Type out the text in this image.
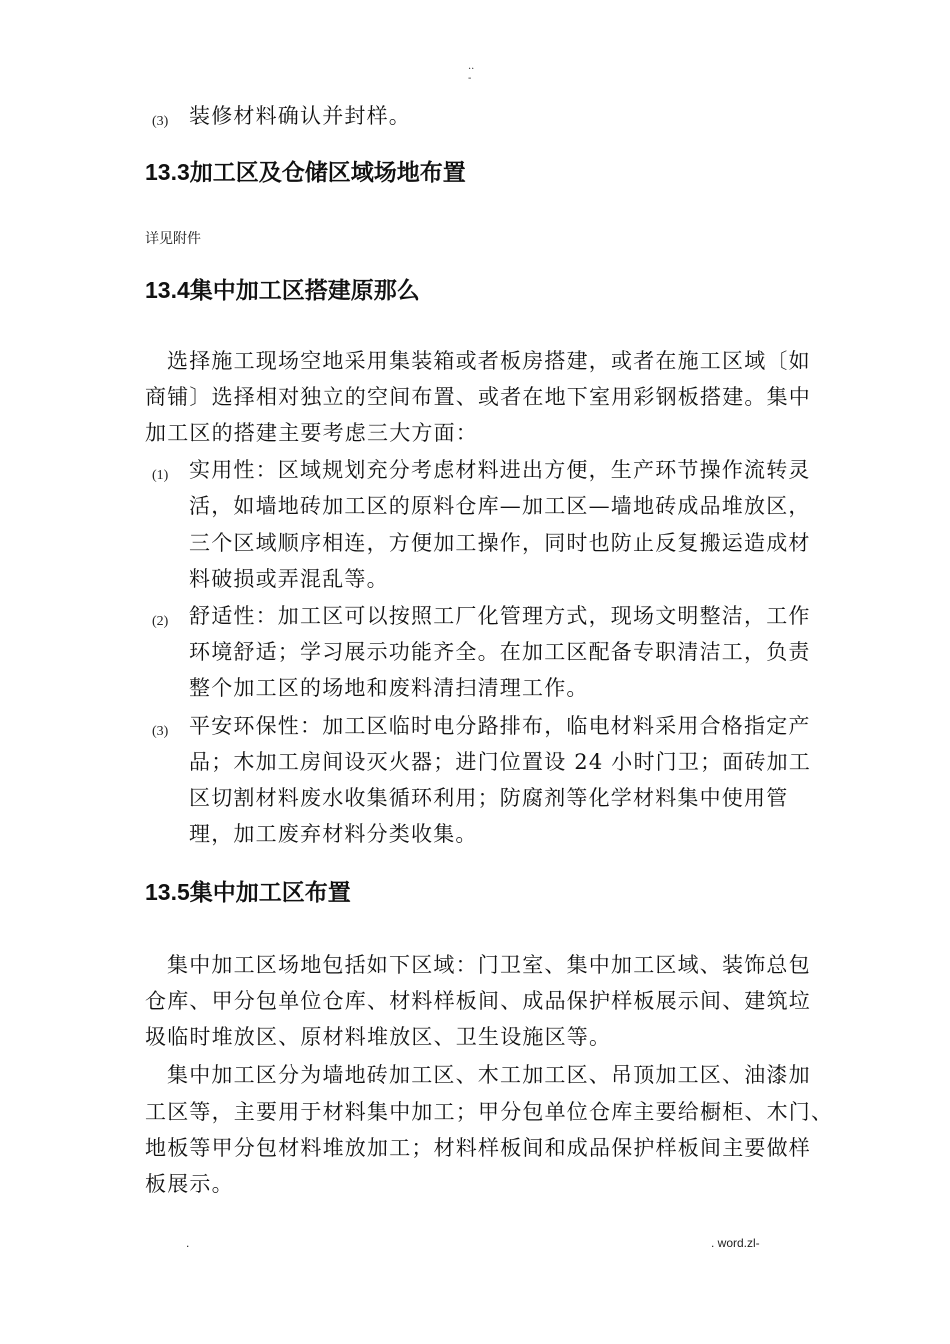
..
-
(3) 装修材料确认并封样。
13.3加工区及仓储区域场地布置
详见附件
13.4集中加工区搭建原那么
选择施工现场空地采用集装箱或者板房搭建，或者在施工区域〔如
商铺〕选择相对独立的空间布置、或者在地下室用彩钢板搭建。集中
加工区的搭建主要考虑三大方面：
(1) 实用性：区域规划充分考虑材料进出方便，生产环节操作流转灵
活，如墙地砖加工区的原料仓库—加工区—墙地砖成品堆放区，
三个区域顺序相连，方便加工操作，同时也防止反复搬运造成材
料破损或弄混乱等。
(2) 舒适性：加工区可以按照工厂化管理方式，现场文明整洁，工作
环境舒适；学习展示功能齐全。在加工区配备专职清洁工，负责
整个加工区的场地和废料清扫清理工作。
(3) 平安环保性：加工区临时电分路排布，临电材料采用合格指定产
品；木加工房间设灭火器；进门位置设 24 小时门卫；面砖加工
区切割材料废水收集循环利用；防腐剂等化学材料集中使用管
理，加工废弃材料分类收集。
13.5集中加工区布置
集中加工区场地包括如下区域：门卫室、集中加工区域、装饰总包
仓库、甲分包单位仓库、材料样板间、成品保护样板展示间、建筑垃
圾临时堆放区、原材料堆放区、卫生设施区等。
集中加工区分为墙地砖加工区、木工加工区、吊顶加工区、油漆加
工区等，主要用于材料集中加工；甲分包单位仓库主要给橱柜、木门、
地板等甲分包材料堆放加工；材料样板间和成品保护样板间主要做样
板展示。
.	. word.zl-
